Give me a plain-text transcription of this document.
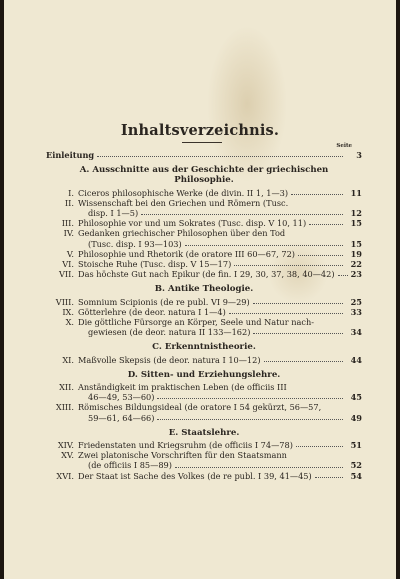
Inhaltsverzeichnis.
Seite
Einleitung	3
A. Ausschnitte aus der Geschichte der griechischen
Philosophie.
I. Ciceros philosophische Werke (de divin. II 1, 1—3)	11
II. Wissenschaft bei den Griechen und Römern (Tusc.
disp. I 1—5)	12
III. Philosophie vor und um Sokrates (Tusc. disp. V 10, 11)	15
IV. Gedanken griechischer Philosophen über den Tod
(Tusc. disp. I 93—103)	15
V. Philosophie und Rhetorik (de oratore III 60—67, 72)	19
VI. Stoische Ruhe (Tusc. disp. V 15—17)	22
VII. Das höchste Gut nach Epikur (de fin. I 29, 30, 37, 38, 40—42) 23
B. Antike Theologie.
VIII. Somnium Scipionis (de re publ. VI 9—29)	25
IX. Götterlehre (de deor. natura I 1—4)	33
X. Die göttliche Fürsorge an Körper, Seele und Natur nach-
gewiesen (de deor. natura II 133—162)	34
C. Erkenntnistheorie.
XI. Maßvolle Skepsis (de deor. natura I 10—12)	44
D. Sitten- und Erziehungslehre.
XII. Anständigkeit im praktischen Leben (de officiis III
46—49, 53—60)	45
XIII. Römisches Bildungsideal (de oratore I 54 gekürzt, 56—57,
59—61, 64—66)	49
E. Staatslehre.
XIV. Friedenstaten und Kriegsruhm (de officiis I 74—78)	51
XV. Zwei platonische Vorschriften für den Staatsmann
(de officiis I 85—89)	52
XVI. Der Staat ist Sache des Volkes (de re publ. I 39, 41—45)	54
